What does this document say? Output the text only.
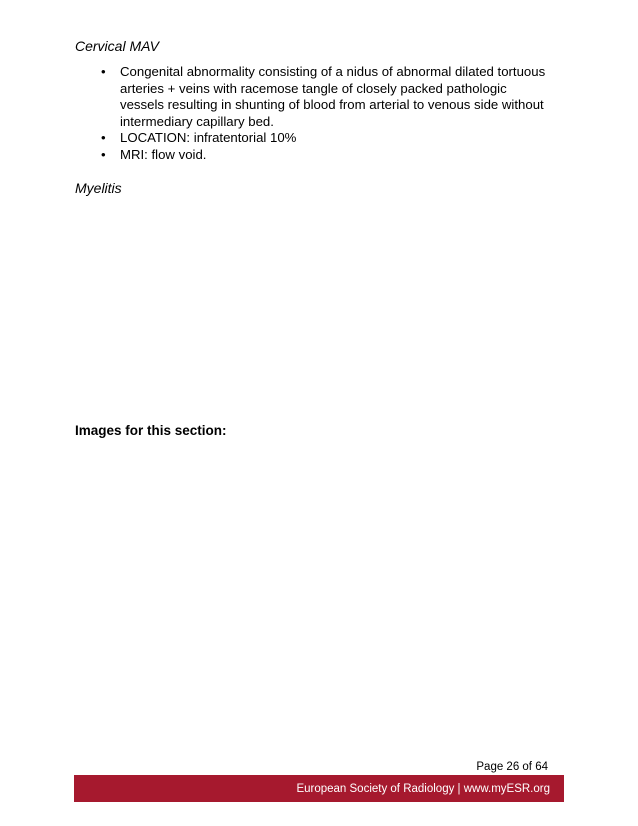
Cervical MAV

•	Congenital abnormality consisting of a nidus of abnormal dilated tortuous arteries + veins with racemose tangle of closely packed pathologic vessels resulting in shunting of blood from arterial to venous side without intermediary capillary bed.
•	LOCATION: infratentorial 10%
•	MRI: flow void.

Myelitis

Images for this section:

Page 26 of 64
European Society of Radiology | www.myESR.org
